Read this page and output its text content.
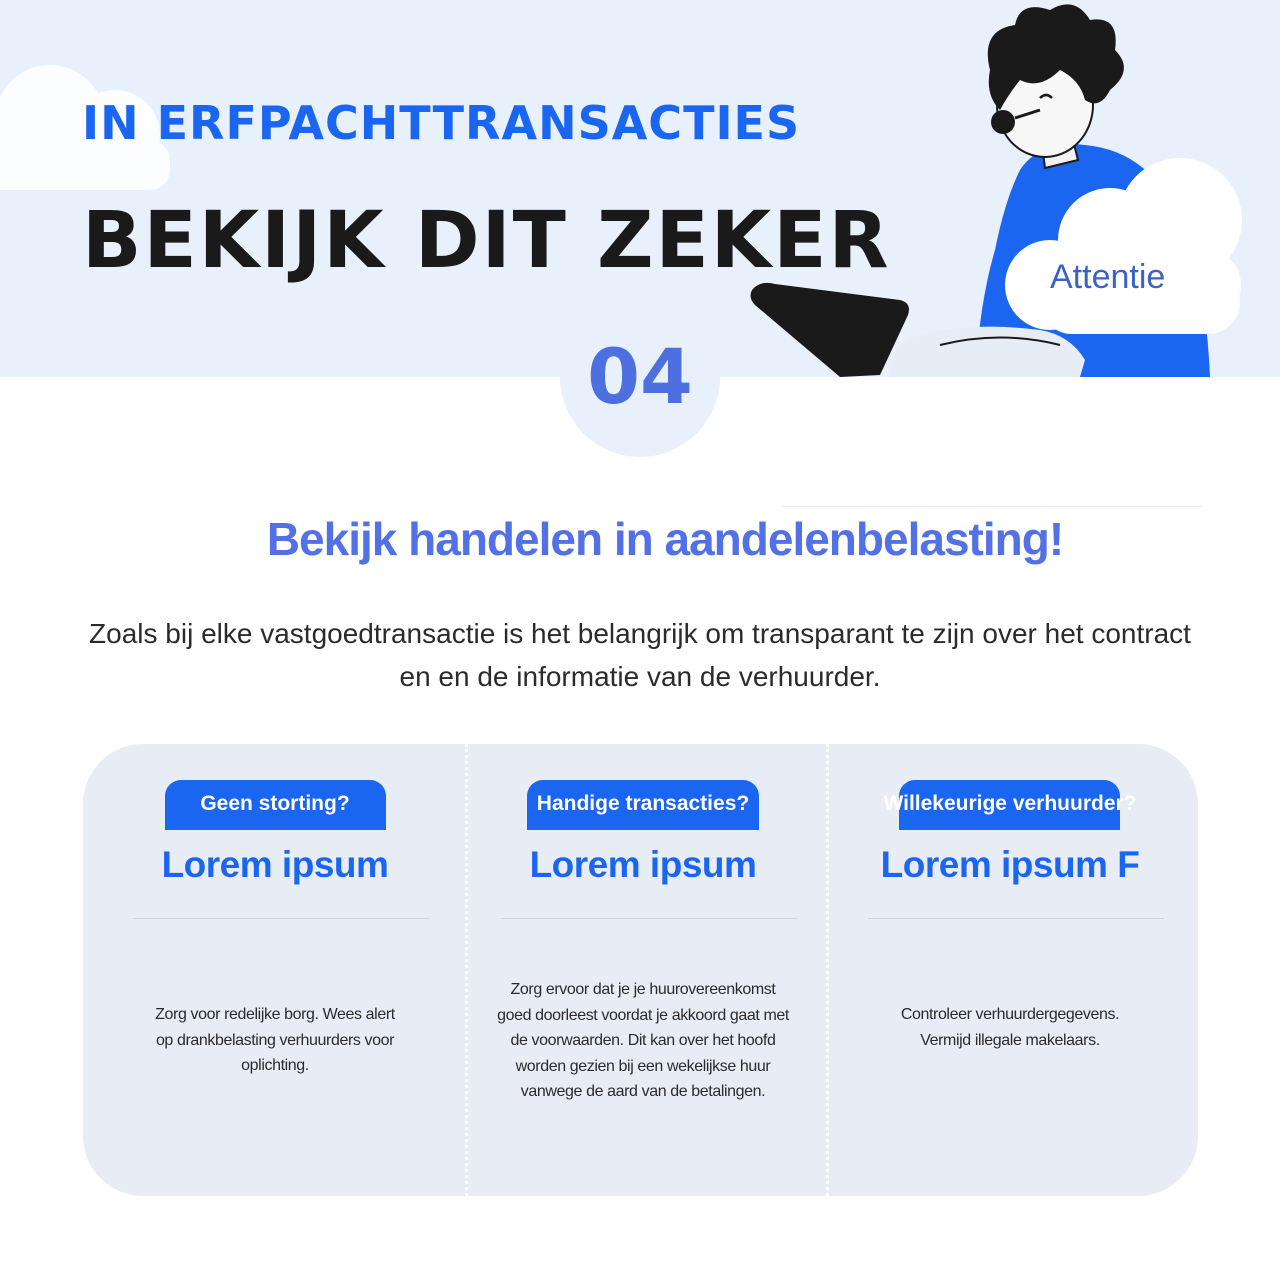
IN ERFPACHTTRANSACTIES
BEKIJK DIT ZEKER	Attentie
04
Bekijk handelen in aandelenbelasting!

Zoals bij elke vastgoedtransactie is het belangrijk om transparant te zijn over het contract en en de informatie van de verhuurder.

Geen storting?

Lorem ipsum

Zorg voor redelijke borg. Wees alert op drankbelasting verhuurders voor oplichting.

Handige transacties?

Lorem ipsum

Zorg ervoor dat je je huurovereenkomst goed doorleest voordat je akkoord gaat met de voorwaarden. Dit kan over het hoofd worden gezien bij een wekelijkse huur vanwege de aard van de betalingen.

Willekeurige verhuurder?

Lorem ipsum F

Controleer verhuurdergegevens. Vermijd illegale makelaars.
